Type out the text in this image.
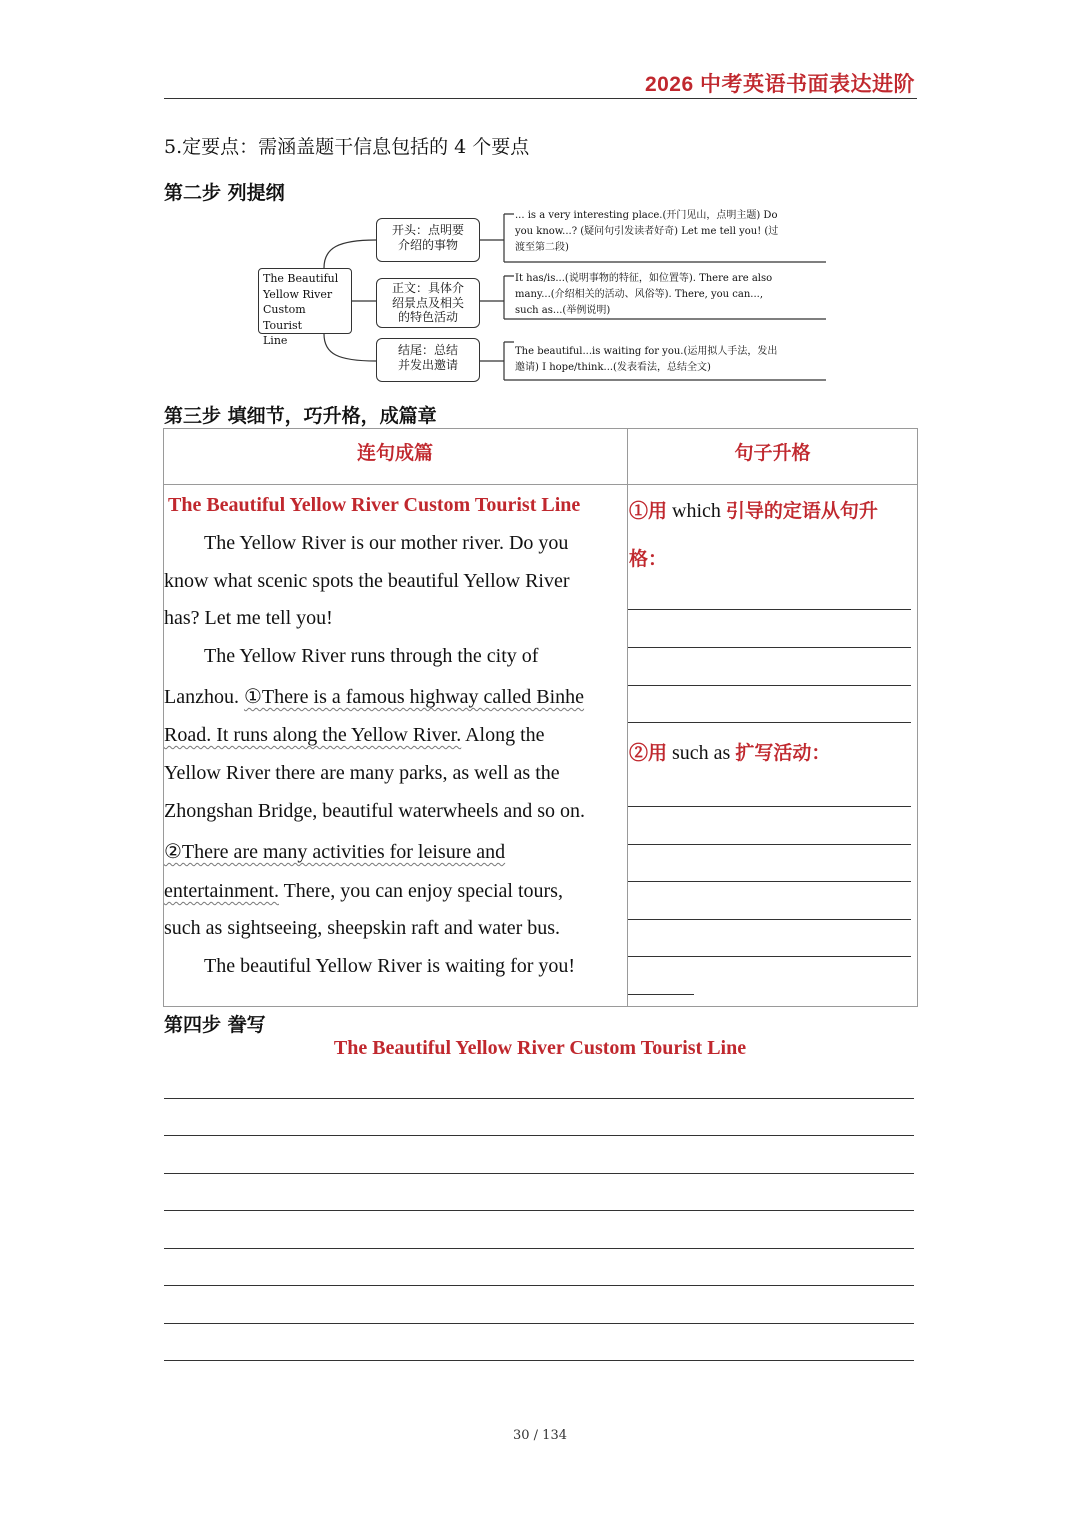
2026 中考英语书面表达进阶
5.定要点：需涵盖题干信息包括的 4 个要点
第二步 列提纲
The Beautiful
Yellow River
Custom Tourist
Line
开头：点明要
介绍的事物
正文：具体介
绍景点及相关
的特色活动
结尾：总结
并发出邀请
... is a very interesting place.(开门见山，点明主题) Do
you know...? (疑问句引发读者好奇) Let me tell you! (过
渡至第二段)
It has/is...(说明事物的特征，如位置等). There are also
many...(介绍相关的活动、风俗等). There, you can...,
such as...(举例说明)
The beautiful...is waiting for you.(运用拟人手法，发出
邀请) I hope/think...(发表看法，总结全文)
第三步 填细节，巧升格，成篇章
连句成篇	句子升格
The Beautiful Yellow River Custom Tourist Line
The Yellow River is our mother river. Do you
know what scenic spots the beautiful Yellow River
has? Let me tell you!
The Yellow River runs through the city of
Lanzhou. ①There is a famous highway called Binhe
Road. It runs along the Yellow River. Along the
Yellow River there are many parks, as well as the
Zhongshan Bridge, beautiful waterwheels and so on.
②There are many activities for leisure and
entertainment. There, you can enjoy special tours,
such as sightseeing, sheepskin raft and water bus.
The beautiful Yellow River is waiting for you!
①用 which 引导的定语从句升
格：
②用 such as 扩写活动：
第四步 誊写
The Beautiful Yellow River Custom Tourist Line
30 / 134
